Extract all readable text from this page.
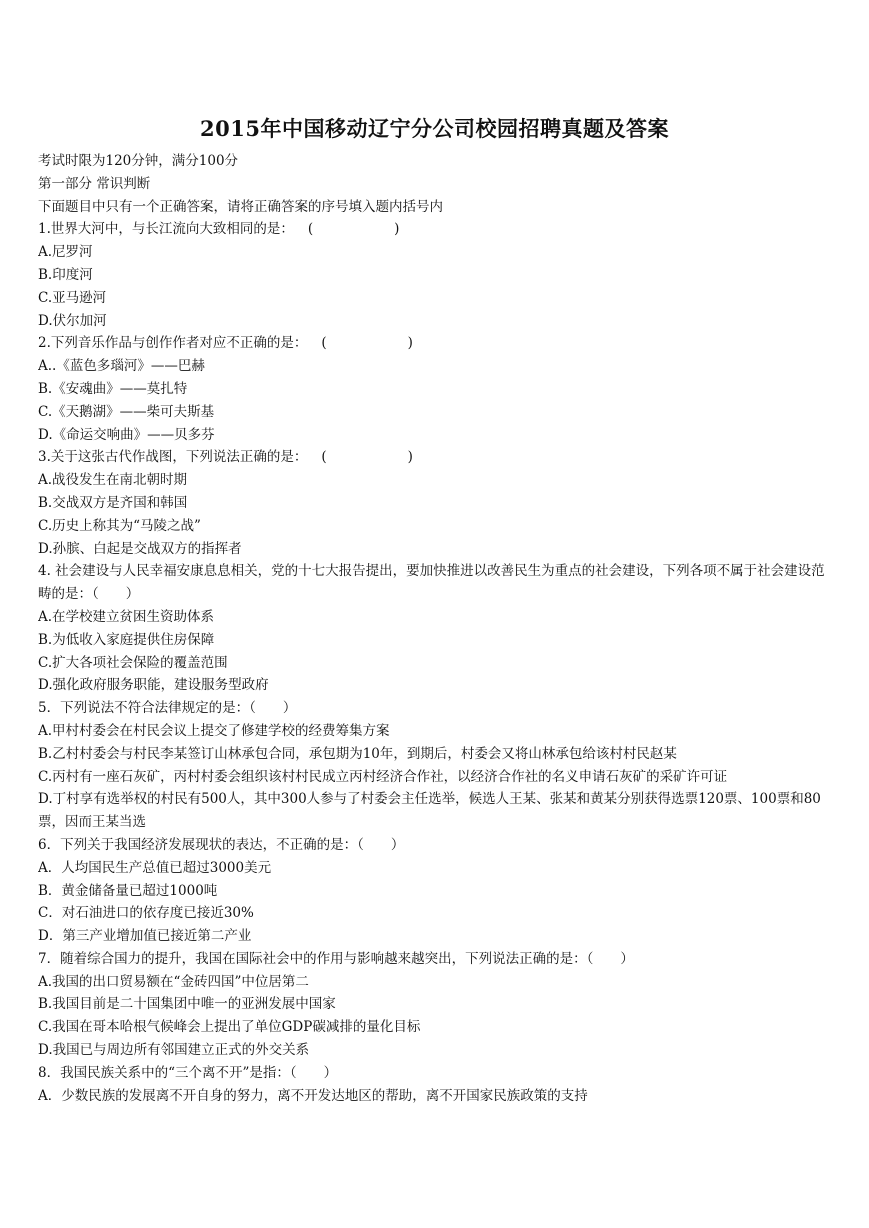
2015年中国移动辽宁分公司校园招聘真题及答案
考试时限为120分钟，满分100分
第一部分 常识判断
下面题目中只有一个正确答案，请将正确答案的序号填入题内括号内
1.世界大河中，与长江流向大致相同的是： (　　　　　　)
A.尼罗河
B.印度河
C.亚马逊河
D.伏尔加河
2.下列音乐作品与创作作者对应不正确的是： (　　　　　　)
A..《蓝色多瑙河》——巴赫
B.《安魂曲》——莫扎特
C.《天鹅湖》——柴可夫斯基
D.《命运交响曲》——贝多芬
3.关于这张古代作战图，下列说法正确的是： (　　　　　　)
A.战役发生在南北朝时期
B.交战双方是齐国和韩国
C.历史上称其为“马陵之战”
D.孙膑、白起是交战双方的指挥者
4. 社会建设与人民幸福安康息息相关，党的十七大报告提出，要加快推进以改善民生为重点的社会建设，下列各项不属于社会建设范畴的是：（　　）
A.在学校建立贫困生资助体系
B.为低收入家庭提供住房保障
C.扩大各项社会保险的覆盖范围
D.强化政府服务职能，建设服务型政府
5．下列说法不符合法律规定的是：（　　）
A.甲村村委会在村民会议上提交了修建学校的经费筹集方案
B.乙村村委会与村民李某签订山林承包合同，承包期为10年，到期后，村委会又将山林承包给该村村民赵某
C.丙村有一座石灰矿，丙村村委会组织该村村民成立丙村经济合作社，以经济合作社的名义申请石灰矿的采矿许可证
D.丁村享有选举权的村民有500人，其中300人参与了村委会主任选举，候选人王某、张某和黄某分别获得选票120票、100票和80票，因而王某当选
6．下列关于我国经济发展现状的表达，不正确的是：（　　）
A．人均国民生产总值已超过3000美元
B．黄金储备量已超过1000吨
C．对石油进口的依存度已接近30%
D．第三产业增加值已接近第二产业
7．随着综合国力的提升，我国在国际社会中的作用与影响越来越突出，下列说法正确的是：（　　）
A.我国的出口贸易额在“金砖四国”中位居第二
B.我国目前是二十国集团中唯一的亚洲发展中国家
C.我国在哥本哈根气候峰会上提出了单位GDP碳减排的量化目标
D.我国已与周边所有邻国建立正式的外交关系
8．我国民族关系中的“三个离不开”是指：（　　）
A．少数民族的发展离不开自身的努力，离不开发达地区的帮助，离不开国家民族政策的支持
